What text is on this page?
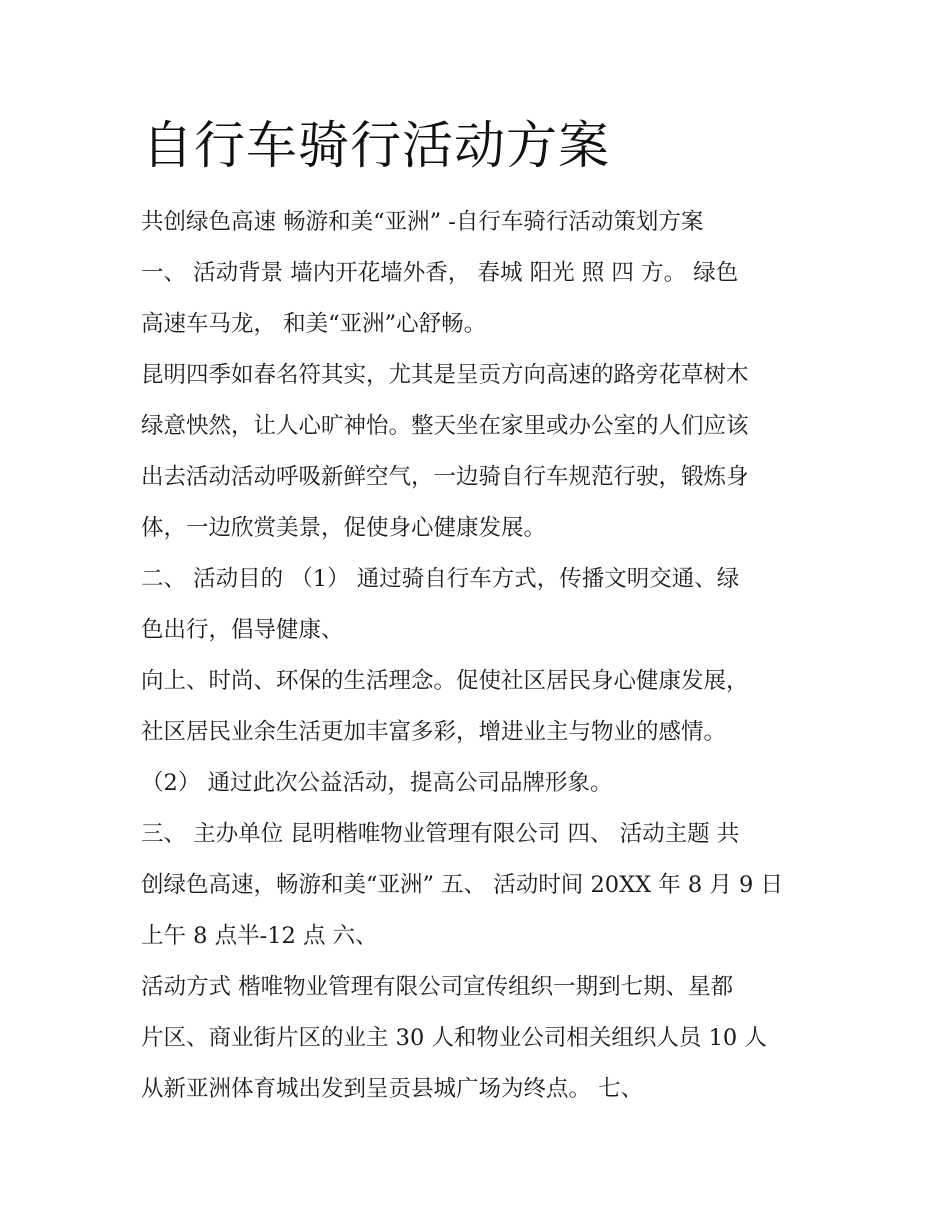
自行车骑行活动方案

共创绿色高速 畅游和美“亚洲” -自行车骑行活动策划方案

一、 活动背景 墙内开花墙外香， 春城 阳光 照 四 方。 绿色

高速车马龙， 和美“亚洲”心舒畅。

昆明四季如春名符其实，尤其是呈贡方向高速的路旁花草树木

绿意怏然，让人心旷神怡。整天坐在家里或办公室的人们应该

出去活动活动呼吸新鲜空气，一边骑自行车规范行驶，锻炼身

体，一边欣赏美景，促使身心健康发展。

二、 活动目的 （1） 通过骑自行车方式，传播文明交通、绿

色出行，倡导健康、

向上、时尚、环保的生活理念。促使社区居民身心健康发展，

社区居民业余生活更加丰富多彩，增进业主与物业的感情。

（2） 通过此次公益活动，提高公司品牌形象。

三、 主办单位 昆明楷唯物业管理有限公司 四、 活动主题 共

创绿色高速，畅游和美“亚洲” 五、 活动时间 20XX 年 8 月 9 日

上午 8 点半-12 点 六、

活动方式 楷唯物业管理有限公司宣传组织一期到七期、星都

片区、商业街片区的业主 30 人和物业公司相关组织人员 10 人

从新亚洲体育城出发到呈贡县城广场为终点。 七、
